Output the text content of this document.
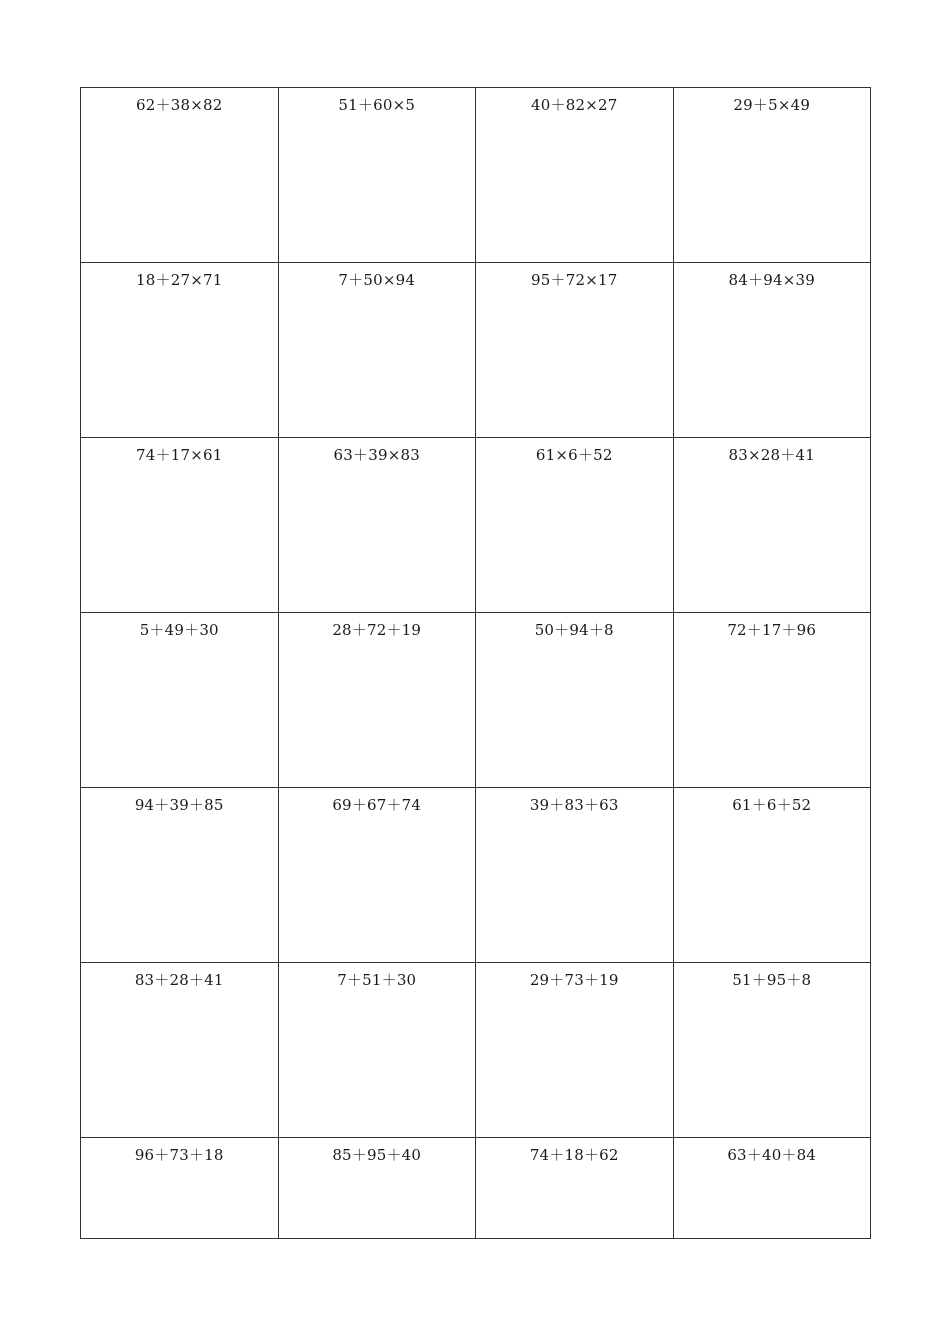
62＋38×82	51＋60×5	40＋82×27	29＋5×49
18＋27×71	7＋50×94	95＋72×17	84＋94×39
74＋17×61	63＋39×83	61×6＋52	83×28＋41
5＋49＋30	28＋72＋19	50＋94＋8	72＋17＋96
94＋39＋85	69＋67＋74	39＋83＋63	61＋6＋52
83＋28＋41	7＋51＋30	29＋73＋19	51＋95＋8
96＋73＋18	85＋95＋40	74＋18＋62	63＋40＋84
